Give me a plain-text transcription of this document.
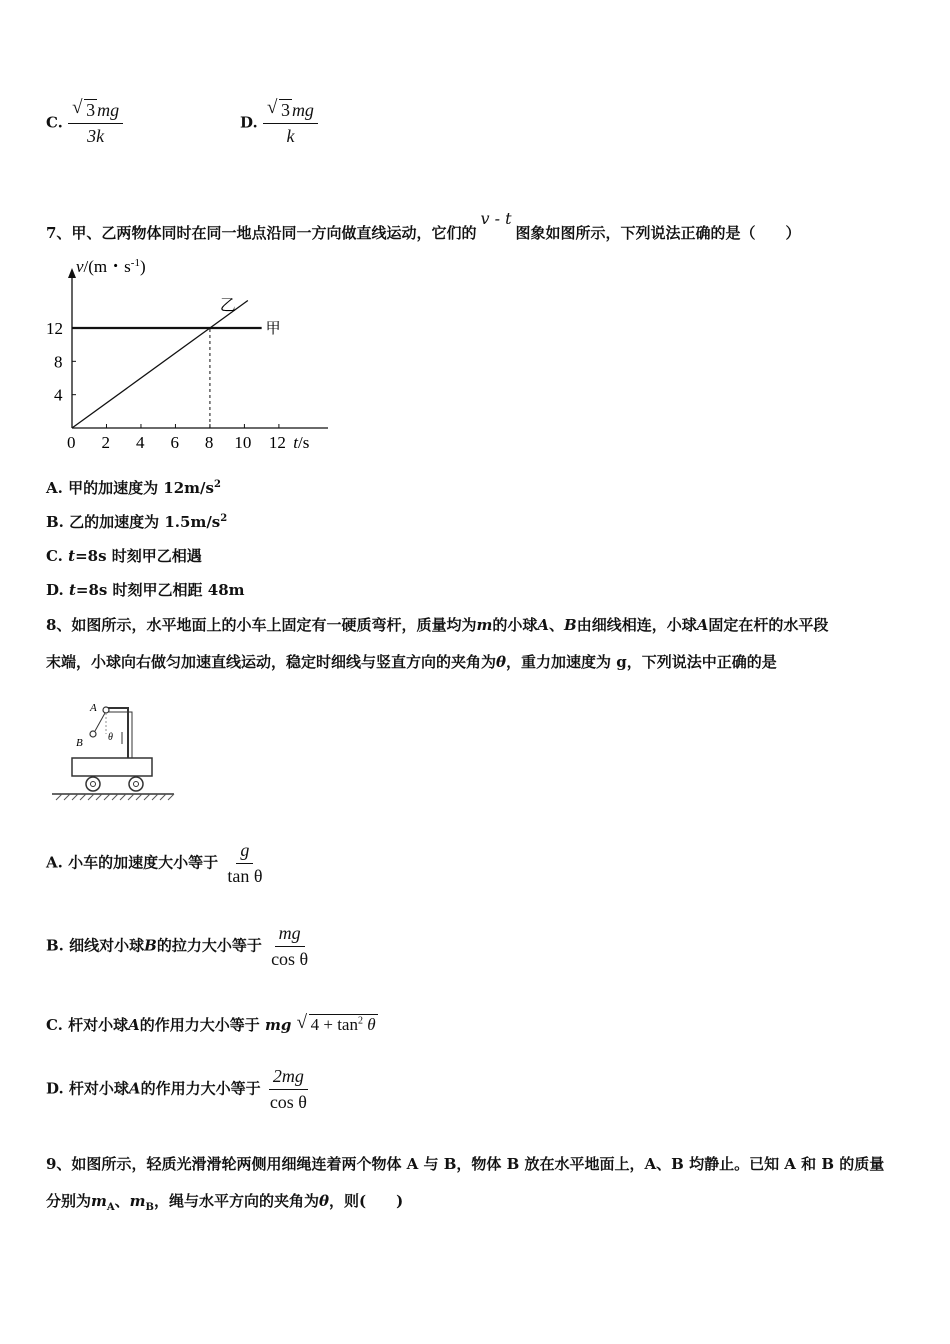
C. $\frac{√ 3 mg}{3k}$	D. $\frac{√ 3 mg}{k}$
7、甲、乙两物体同时在同一地点沿同一方向做直线运动，它们的v - t图象如图所示，下列说法正确的是（　　）
0 2 4 6 8 10 12
4
8
12
v/(m・$s^{-1}$)
t/s
甲
乙
A. 甲的加速度为 $12m/s^2$
B. 乙的加速度为 $1.5m/s^2$
C. t=8s 时刻甲乙相遇
D. t=8s 时刻甲乙相距 48m
8、如图所示，水平地面上的小车上固定有一硬质弯杆，质量均为m的小球A、B由细线相连，小球A固定在杆的水平段
末端，小球向右做匀加速直线运动，稳定时细线与竖直方向的夹角为θ，重力加速度为 g，下列说法中正确的是
A
B	θ
A. 小车的加速度大小等于 $\frac{g}{\text{tan θ}}$
B. 细线对小球B的拉力大小等于 $\frac{mg}{\text{cos θ}}$
C. 杆对小球A的作用力大小等于 mg √ $4 + \tan^2 \theta$
D. 杆对小球A的作用力大小等于 $\frac{2mg}{\text{cos θ}}$
9、如图所示，轻质光滑滑轮两侧用细绳连着两个物体 A 与 B，物体 B 放在水平地面上，A、B 均静止。已知 A 和 B 的质量
分别为$m_A$、$m_B$，绳与水平方向的夹角为θ，则(　　)
